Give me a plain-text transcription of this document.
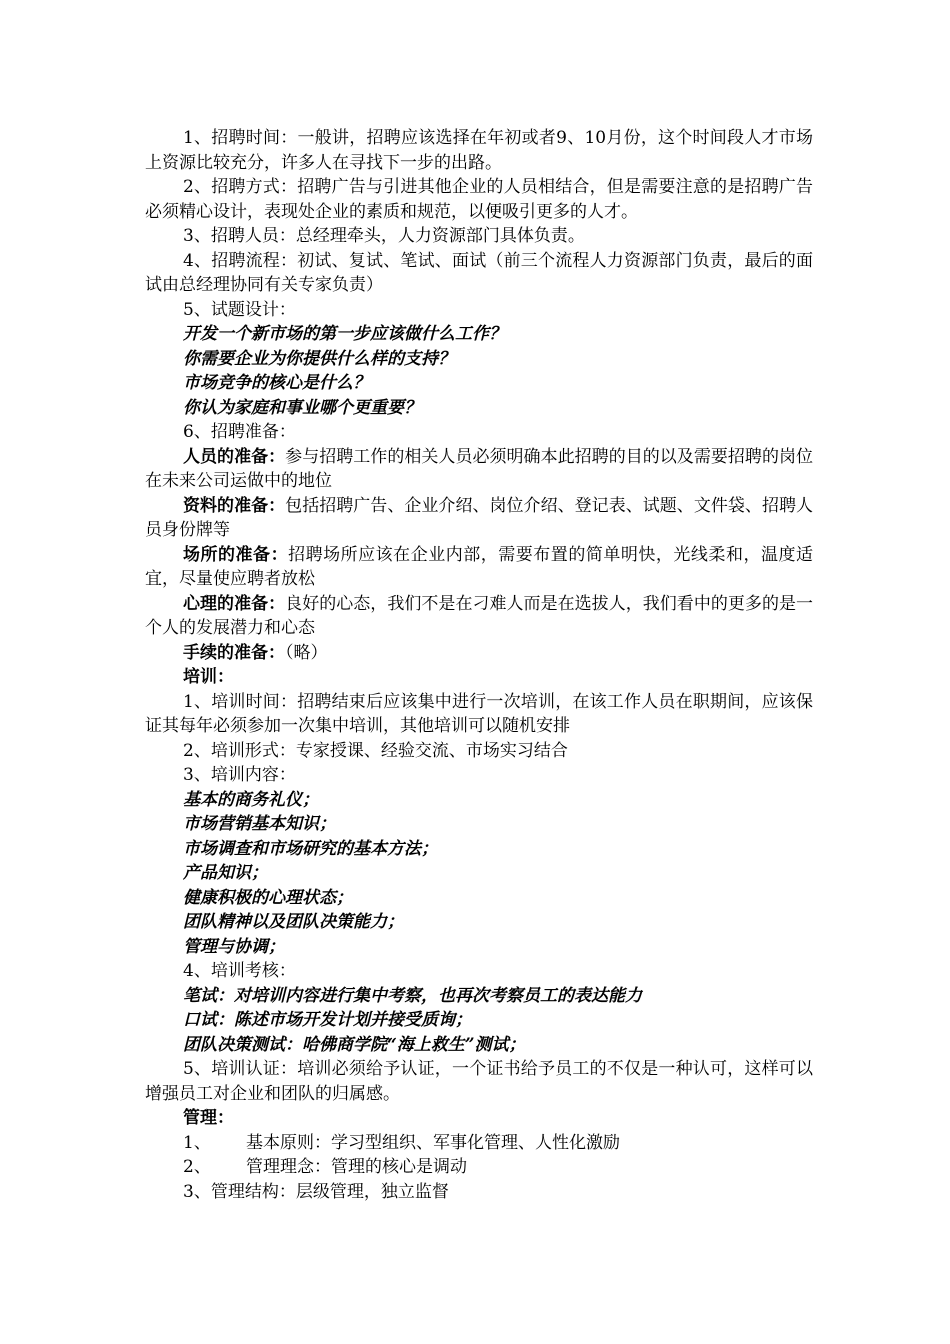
1、招聘时间：一般讲，招聘应该选择在年初或者9、10月份，这个时间段人才市场上资源比较充分，许多人在寻找下一步的出路。

2、招聘方式：招聘广告与引进其他企业的人员相结合，但是需要注意的是招聘广告必须精心设计，表现处企业的素质和规范，以便吸引更多的人才。

3、招聘人员：总经理牵头，人力资源部门具体负责。

4、招聘流程：初试、复试、笔试、面试（前三个流程人力资源部门负责，最后的面试由总经理协同有关专家负责）

5、试题设计：

开发一个新市场的第一步应该做什么工作？

你需要企业为你提供什么样的支持？

市场竞争的核心是什么？

你认为家庭和事业哪个更重要？

6、招聘准备：

人员的准备：参与招聘工作的相关人员必须明确本此招聘的目的以及需要招聘的岗位在未来公司运做中的地位

资料的准备：包括招聘广告、企业介绍、岗位介绍、登记表、试题、文件袋、招聘人员身份牌等

场所的准备：招聘场所应该在企业内部，需要布置的简单明快，光线柔和，温度适宜，尽量使应聘者放松

心理的准备：良好的心态，我们不是在刁难人而是在选拔人，我们看中的更多的是一个人的发展潜力和心态

手续的准备：（略）

培训：

1、培训时间：招聘结束后应该集中进行一次培训，在该工作人员在职期间，应该保证其每年必须参加一次集中培训，其他培训可以随机安排

2、培训形式：专家授课、经验交流、市场实习结合

3、培训内容：

基本的商务礼仪；

市场营销基本知识；

市场调查和市场研究的基本方法；

产品知识；

健康积极的心理状态；

团队精神以及团队决策能力；

管理与协调；

4、培训考核：

笔试：对培训内容进行集中考察，也再次考察员工的表达能力

口试：陈述市场开发计划并接受质询；

团队决策测试：哈佛商学院“海上救生”测试；

5、培训认证：培训必须给予认证，一个证书给予员工的不仅是一种认可，这样可以增强员工对企业和团队的归属感。

管理：

1、 基本原则：学习型组织、军事化管理、人性化激励

2、 管理理念：管理的核心是调动

3、管理结构：层级管理，独立监督
